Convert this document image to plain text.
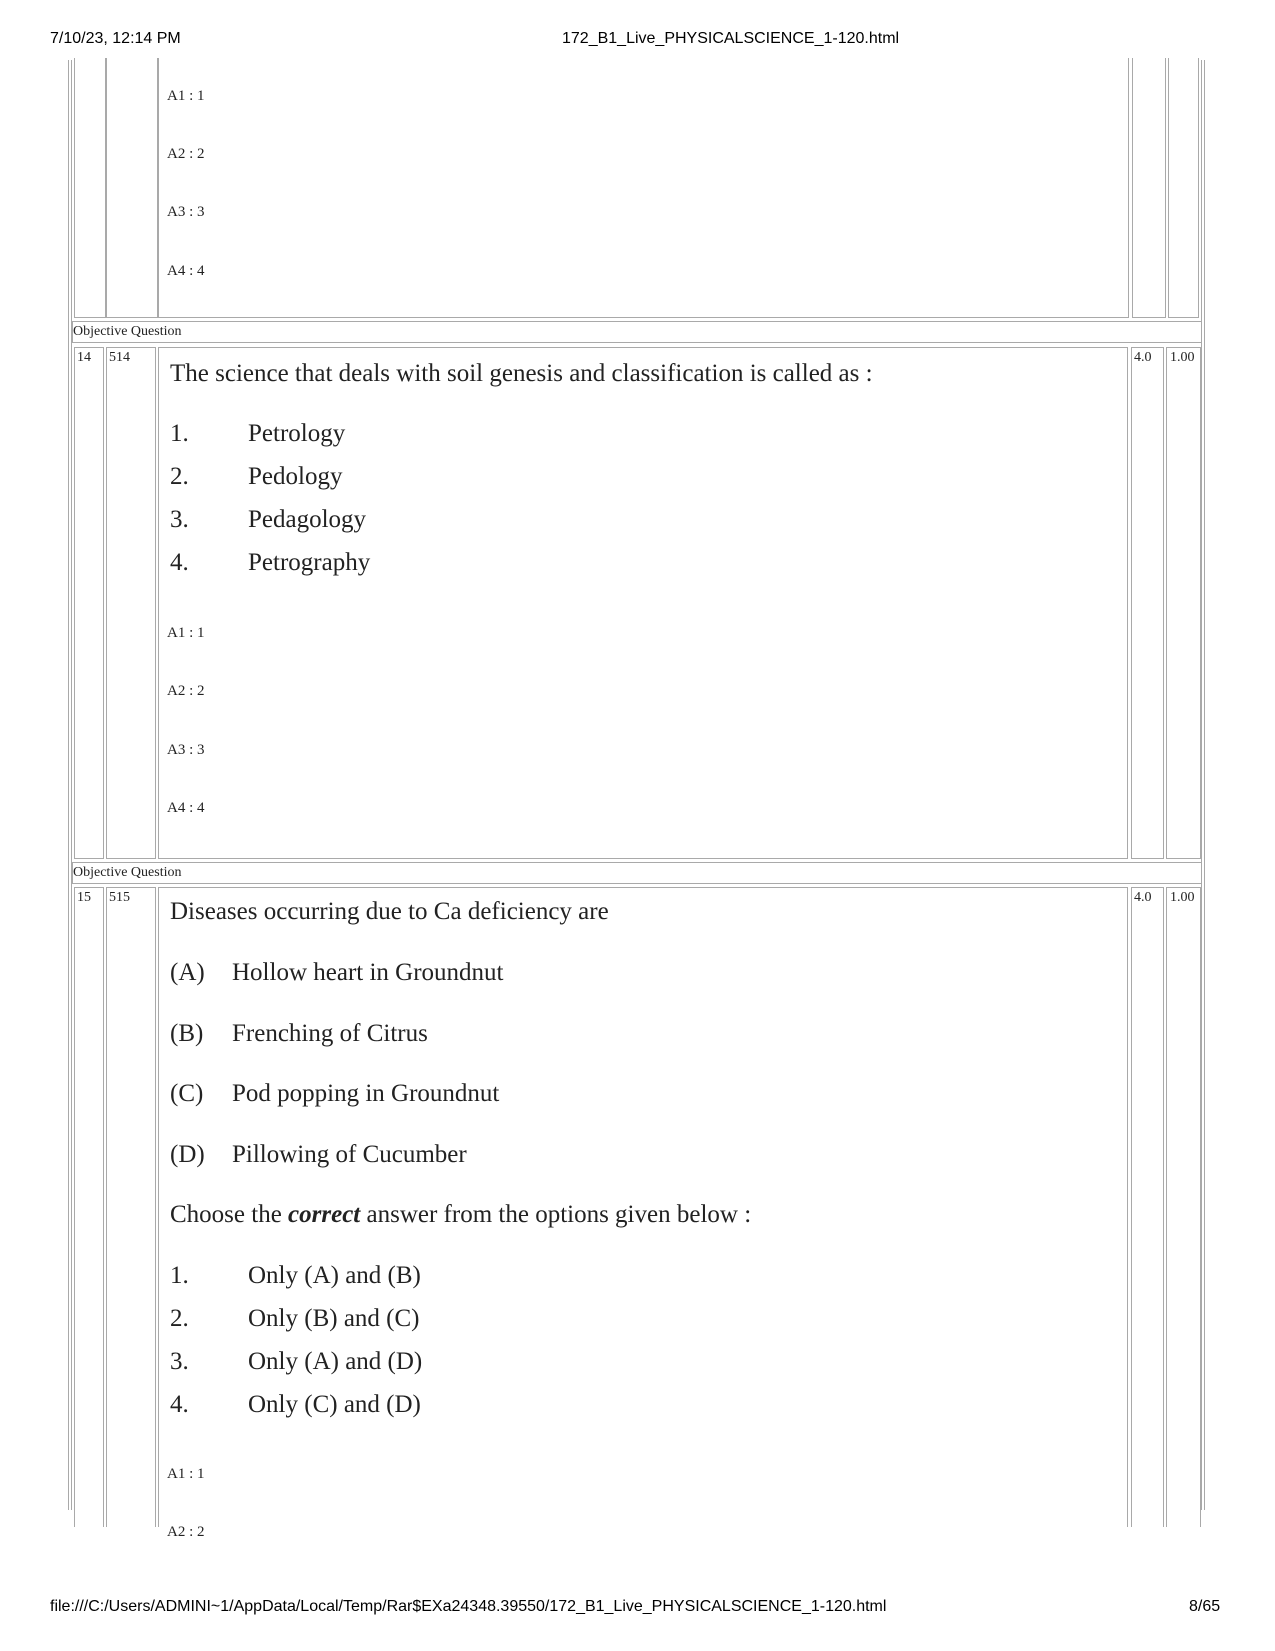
7/10/23, 12:14 PM	172_B1_Live_PHYSICALSCIENCE_1-120.html
A1 : 1
A2 : 2
A3 : 3
A4 : 4
Objective Question
14 514	4.0 1.00
The science that deals with soil genesis and classification is called as :
1. Petrology
2. Pedology
3. Pedagology
4. Petrography
A1 : 1
A2 : 2
A3 : 3
A4 : 4
Objective Question
15 515	4.0 1.00
Diseases occurring due to Ca deficiency are
(A) Hollow heart in Groundnut
(B) Frenching of Citrus
(C) Pod popping in Groundnut
(D) Pillowing of Cucumber
Choose the correct answer from the options given below :
1. Only (A) and (B)
2. Only (B) and (C)
3. Only (A) and (D)
4. Only (C) and (D)
A1 : 1
A2 : 2
file:///C:/Users/ADMINI~1/AppData/Local/Temp/Rar$EXa24348.39550/172_B1_Live_PHYSICALSCIENCE_1-120.html	8/65
